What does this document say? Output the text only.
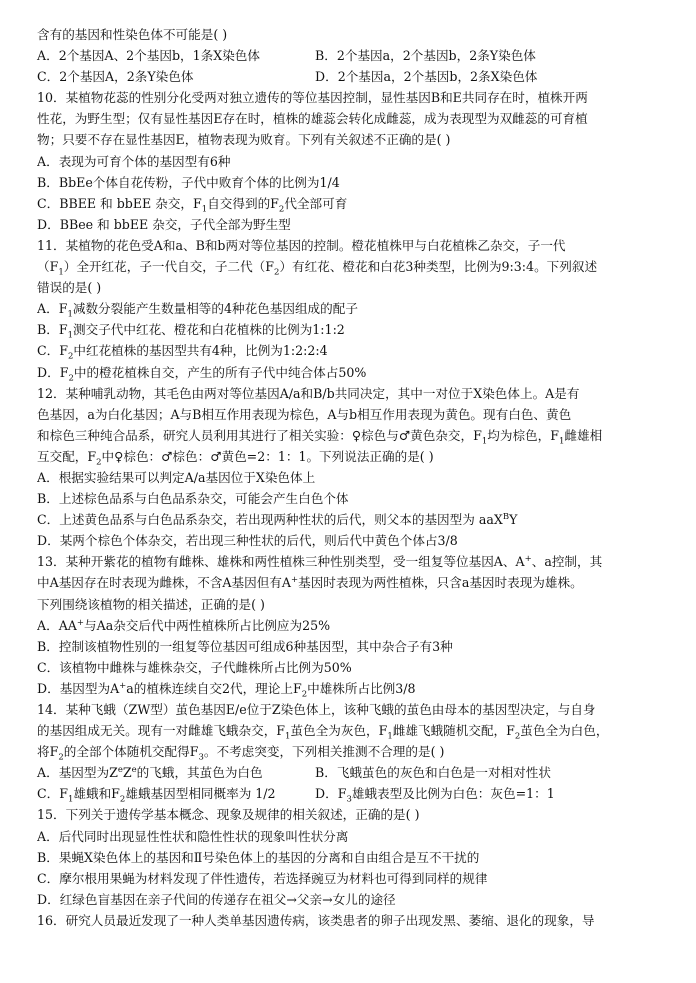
含有的基因和性染色体不可能是( )
A．2个基因A、2个基因b，1条X染色体	B．2个基因a，2个基因b，2条Y染色体
C．2个基因A，2条Y染色体	D．2个基因a，2个基因b，2条X染色体
10．某植物花蕊的性别分化受两对独立遗传的等位基因控制，显性基因B和E共同存在时，植株开两
性花，为野生型；仅有显性基因E存在时，植株的雄蕊会转化成雌蕊，成为表现型为双雌蕊的可育植
物；只要不存在显性基因E，植物表现为败育。下列有关叙述不正确的是( )
A．表现为可育个体的基因型有6种
B．BbEe个体自花传粉，子代中败育个体的比例为1/4
C．BBEE 和 bbEE 杂交，$F_1$自交得到的$F_2$代全部可育
D．BBee 和 bbEE 杂交，子代全部为野生型
11．某植物的花色受A和a、B和b两对等位基因的控制。橙花植株甲与白花植株乙杂交，子一代
$(F_1)$全开红花，子一代自交，子二代$(F_2)$有红花、橙花和白花3种类型，比例为9:3:4。下列叙述
错误的是( )
A．$F_1$减数分裂能产生数量相等的4种花色基因组成的配子
B．$F_1$测交子代中红花、橙花和白花植株的比例为1:1:2
C．$F_2$中红花植株的基因型共有4种，比例为1:2:2:4
D．$F_2$中的橙花植株自交，产生的所有子代中纯合体占50%
12．某种哺乳动物，其毛色由两对等位基因A/a和B/b共同决定，其中一对位于X染色体上。A是有
色基因，a为白化基因；A与B相互作用表现为棕色，A与b相互作用表现为黄色。现有白色、黄色
和棕色三种纯合品系，研究人员利用其进行了相关实验：♀棕色与♂黄色杂交，$F_1$均为棕色，$F_1$雌雄相
互交配，$F_2$中♀棕色：♂棕色：♂黄色=2：1：1。下列说法正确的是( )
A．根据实验结果可以判定A/a基因位于X染色体上
B．上述棕色品系与白色品系杂交，可能会产生白色个体
C．上述黄色品系与白色品系杂交，若出现两种性状的后代，则父本的基因型为 aaX$^B$Y
D．某两个棕色个体杂交，若出现三种性状的后代，则后代中黄色个体占3/8
13．某种开紫花的植物有雌株、雄株和两性植株三种性别类型，受一组复等位基因A、A+、a控制，其
中A基因存在时表现为雌株，不含A基因但有A+基因时表现为两性植株，只含a基因时表现为雄株。
下列围绕该植物的相关描述，正确的是( )
A．AA+与Aa杂交后代中两性植株所占比例应为25%
B．控制该植物性别的一组复等位基因可组成6种基因型，其中杂合子有3种
C．该植物中雌株与雄株杂交，子代雌株所占比例为50%
D．基因型为A+a的植株连续自交2代，理论上$F_2$中雄株所占比例3/8
14．某种飞蛾（ZW型）茧色基因E/e位于Z染色体上，该种飞蛾的茧色由母本的基因型决定，与自身
的基因组成无关。现有一对雌雄飞蛾杂交，$F_1$茧色全为灰色，$F_1$雌雄飞蛾随机交配，$F_2$茧色全为白色，
将$F_2$的全部个体随机交配得$F_3$。不考虑突变，下列相关推测不合理的是( )
A．基因型为$Z^eZ^e$的飞蛾，其茧色为白色	B．飞蛾茧色的灰色和白色是一对相对性状
C．$F_1$雄蛾和$F_2$雄蛾基因型相同概率为 1/2	D．$F_3$雄蛾表型及比例为白色：灰色=1：1
15．下列关于遗传学基本概念、现象及规律的相关叙述，正确的是( )
A．后代同时出现显性性状和隐性性状的现象叫性状分离
B．果蝇Ⅹ染色体上的基因和Ⅱ号染色体上的基因的分离和自由组合是互不干扰的
C．摩尔根用果蝇为材料发现了伴性遗传，若选择豌豆为材料也可得到同样的规律
D．红绿色盲基因在亲子代间的传递存在祖父→父亲→女儿的途径
16．研究人员最近发现了一种人类单基因遗传病，该类患者的卵子出现发黑、萎缩、退化的现象，导
